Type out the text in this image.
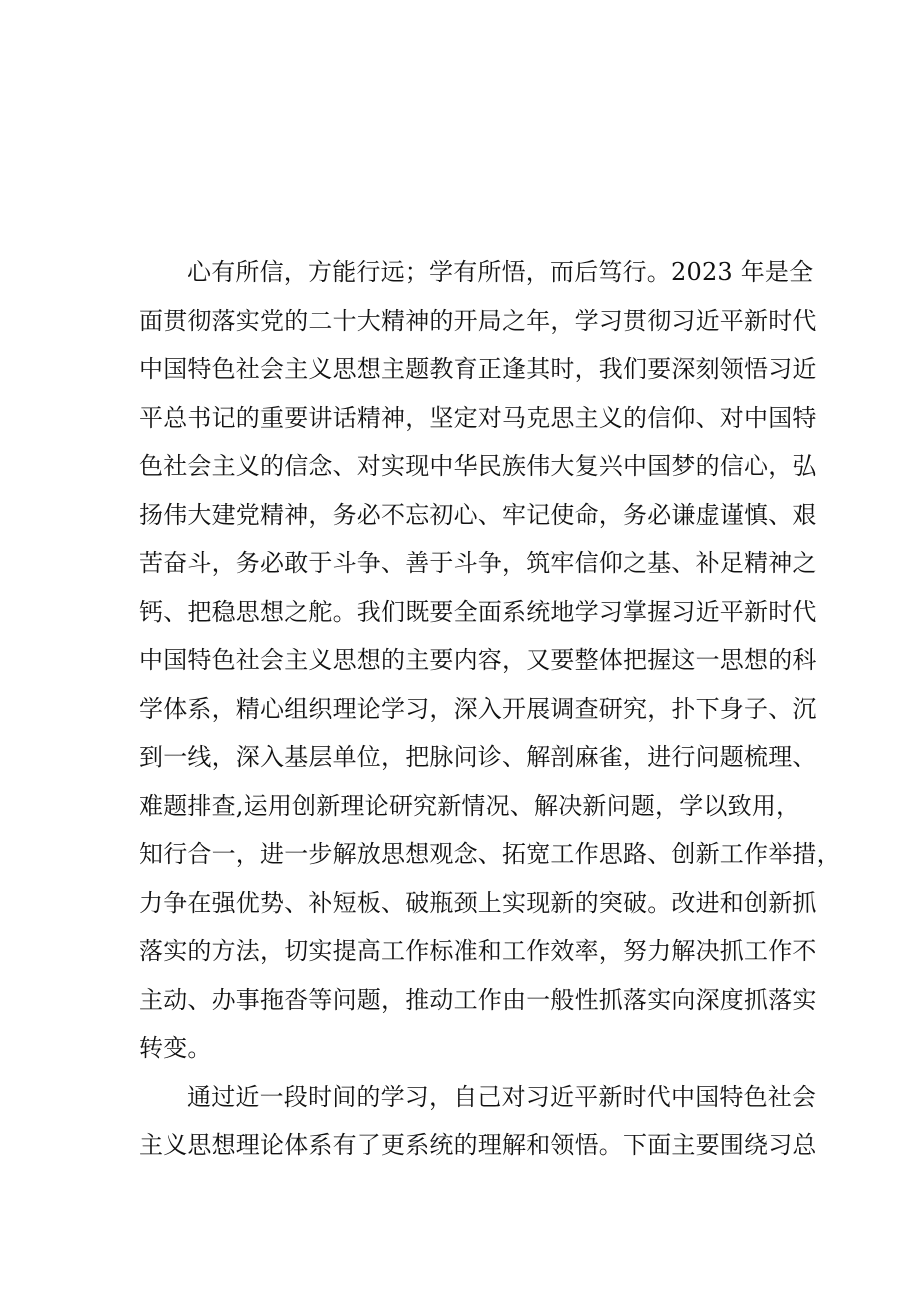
心有所信，方能行远；学有所悟，而后笃行。2023 年是全
面贯彻落实党的二十大精神的开局之年，学习贯彻习近平新时代
中国特色社会主义思想主题教育正逢其时，我们要深刻领悟习近
平总书记的重要讲话精神，坚定对马克思主义的信仰、对中国特
色社会主义的信念、对实现中华民族伟大复兴中国梦的信心，弘
扬伟大建党精神，务必不忘初心、牢记使命，务必谦虚谨慎、艰
苦奋斗，务必敢于斗争、善于斗争，筑牢信仰之基、补足精神之
钙、把稳思想之舵。我们既要全面系统地学习掌握习近平新时代
中国特色社会主义思想的主要内容，又要整体把握这一思想的科
学体系，精心组织理论学习，深入开展调查研究，扑下身子、沉
到一线，深入基层单位，把脉问诊、解剖麻雀，进行问题梳理、
难题排查,运用创新理论研究新情况、解决新问题，学以致用，
知行合一，进一步解放思想观念、拓宽工作思路、创新工作举措，
力争在强优势、补短板、破瓶颈上实现新的突破。改进和创新抓
落实的方法，切实提高工作标准和工作效率，努力解决抓工作不
主动、办事拖沓等问题，推动工作由一般性抓落实向深度抓落实
转变。
通过近一段时间的学习，自己对习近平新时代中国特色社会
主义思想理论体系有了更系统的理解和领悟。下面主要围绕习总
